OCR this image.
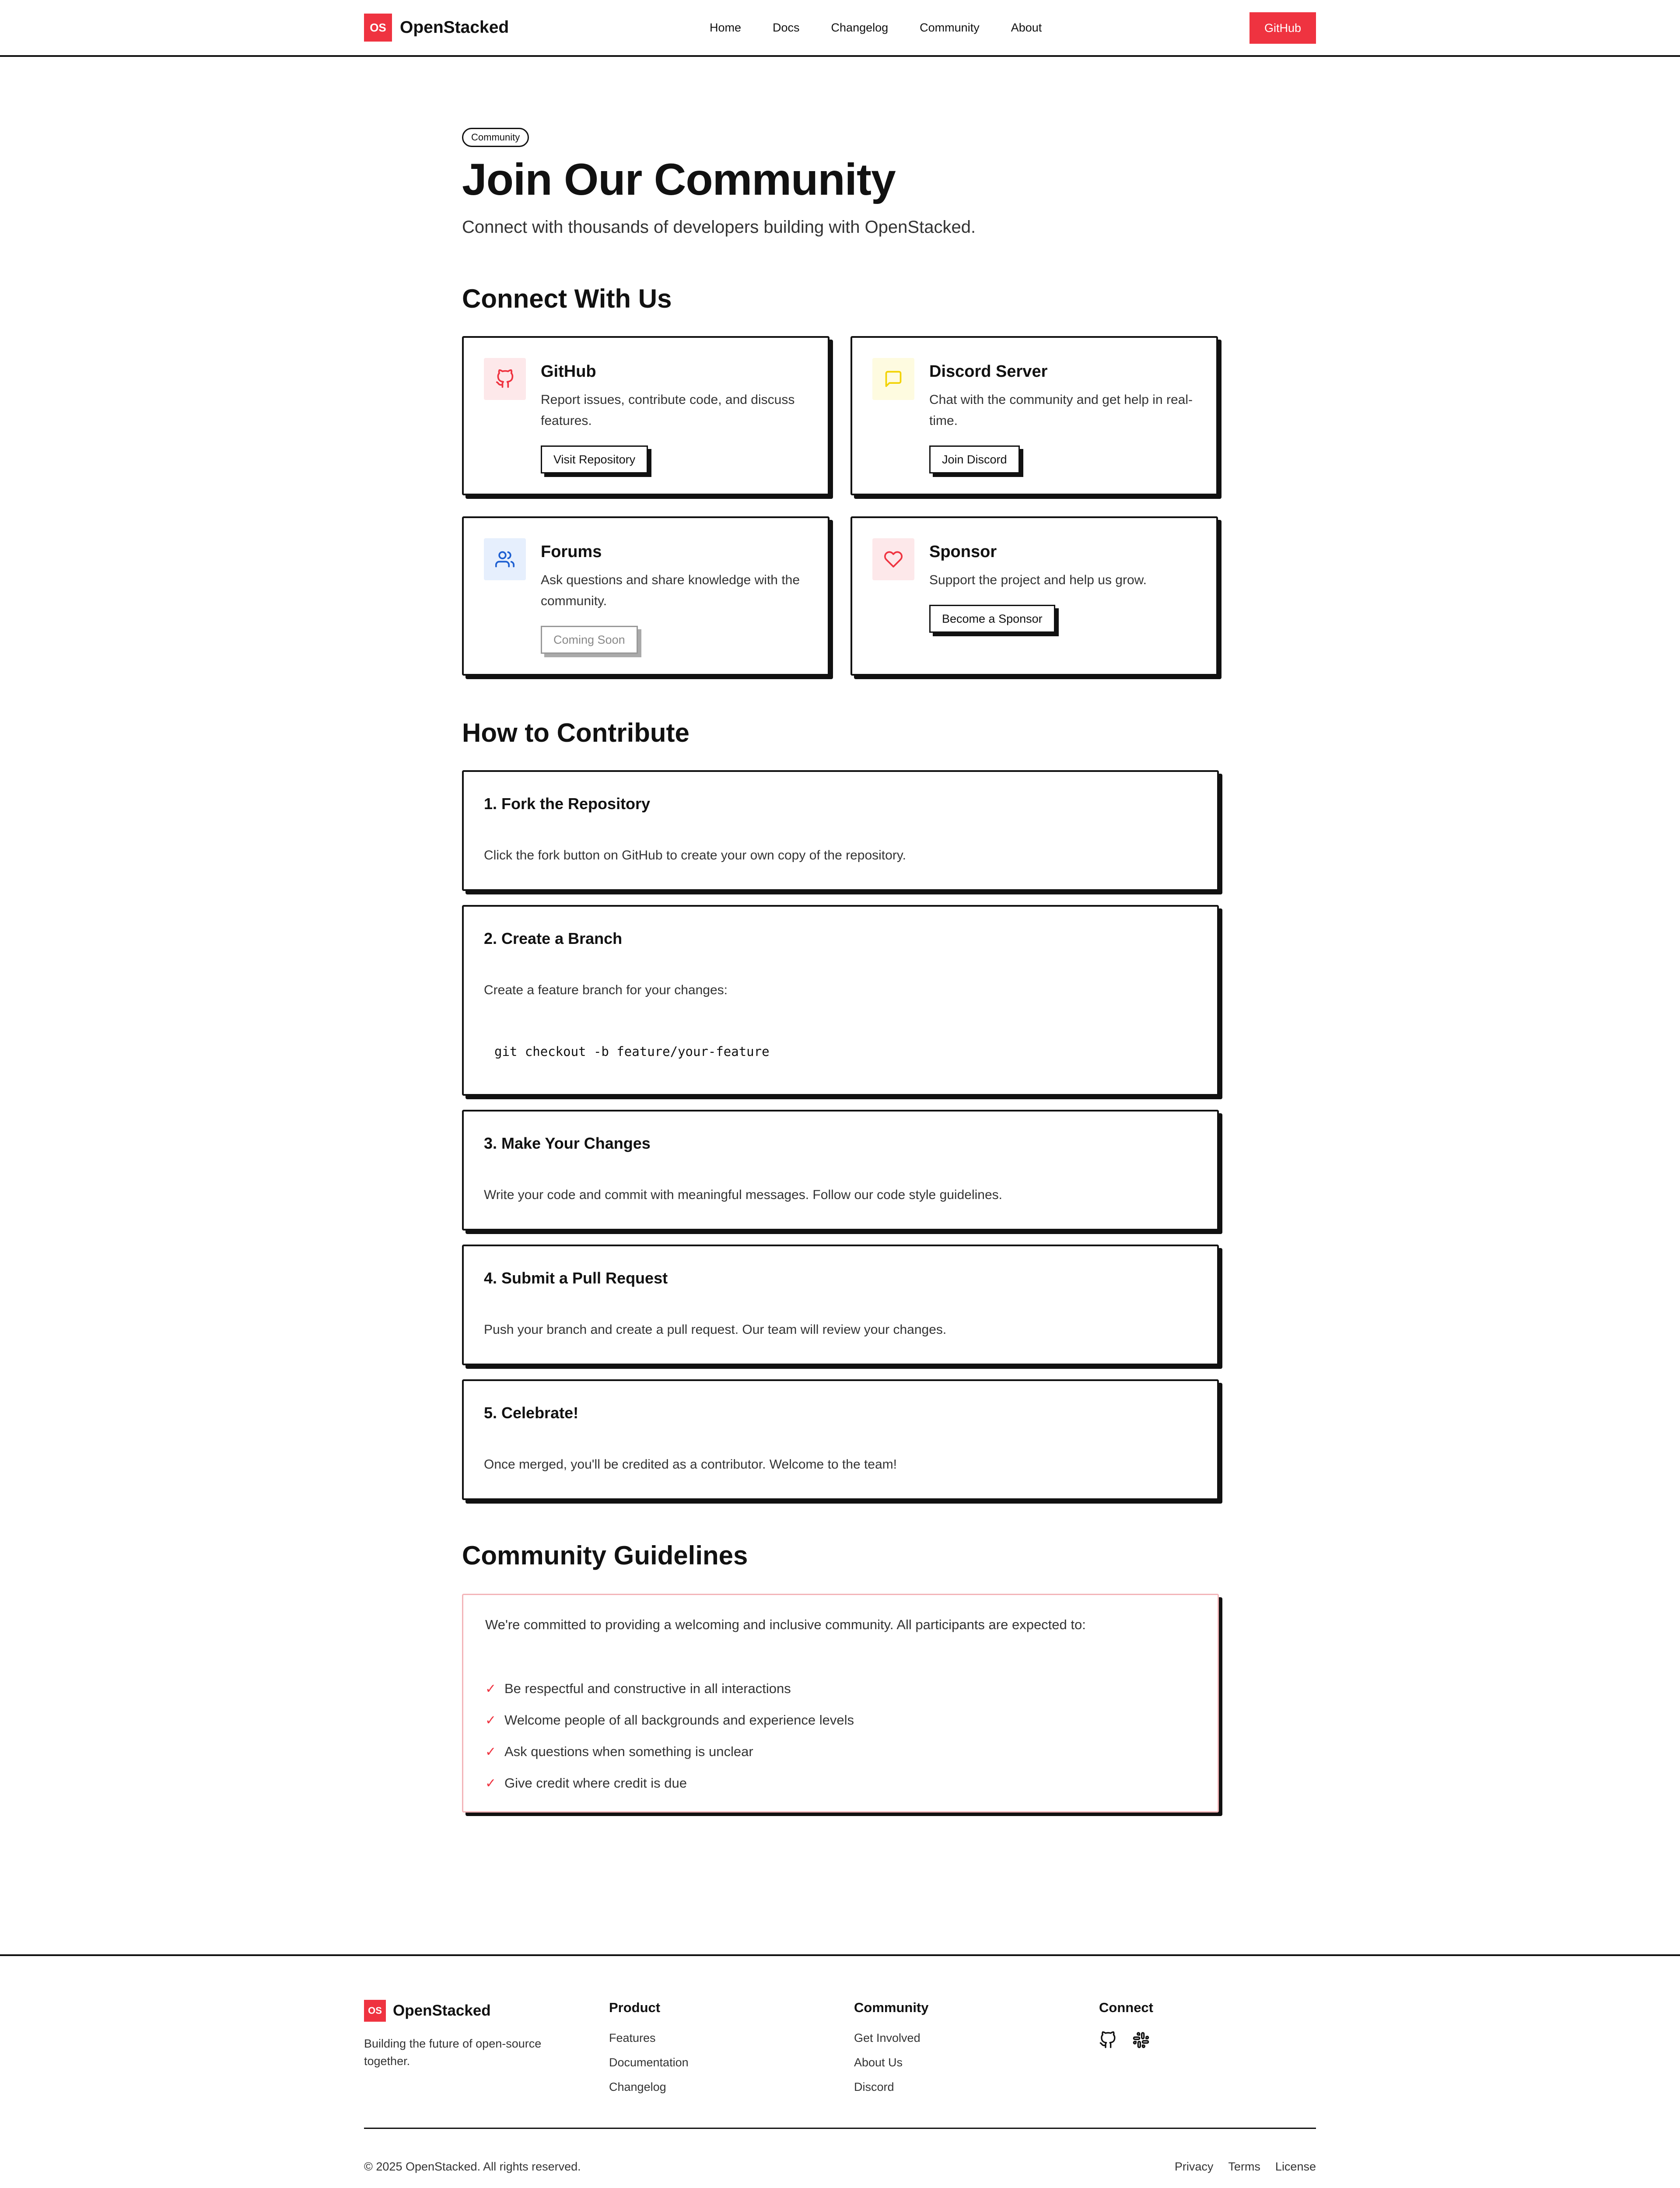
OS OpenStacked	Home	Docs	Changelog	Community	About	GitHub
Community
Join Our Community

Connect with thousands of developers building with OpenStacked.

Connect With Us
GitHub
Report issues, contribute code, and discuss features.
Visit Repository
Discord Server
Chat with the community and get help in real-time.
Join Discord
Forums
Ask questions and share knowledge with the community.
Coming Soon
Sponsor
Support the project and help us grow.
Become a Sponsor
How to Contribute
1. Fork the Repository
Click the fork button on GitHub to create your own copy of the repository.
2. Create a Branch
Create a feature branch for your changes:
git checkout -b feature/your-feature
3. Make Your Changes
Write your code and commit with meaningful messages. Follow our code style guidelines.
4. Submit a Pull Request
Push your branch and create a pull request. Our team will review your changes.
5. Celebrate!
Once merged, you'll be credited as a contributor. Welcome to the team!
Community Guidelines
We're committed to providing a welcoming and inclusive community. All participants are expected to:
✓ Be respectful and constructive in all interactions
✓ Welcome people of all backgrounds and experience levels
✓ Ask questions when something is unclear
✓ Give credit where credit is due
OS OpenStacked
Building the future of open-source together.
Product
Features
Documentation
Changelog
Community
Get Involved
About Us
Discord
Connect
© 2025 OpenStacked. All rights reserved.	Privacy Terms License
